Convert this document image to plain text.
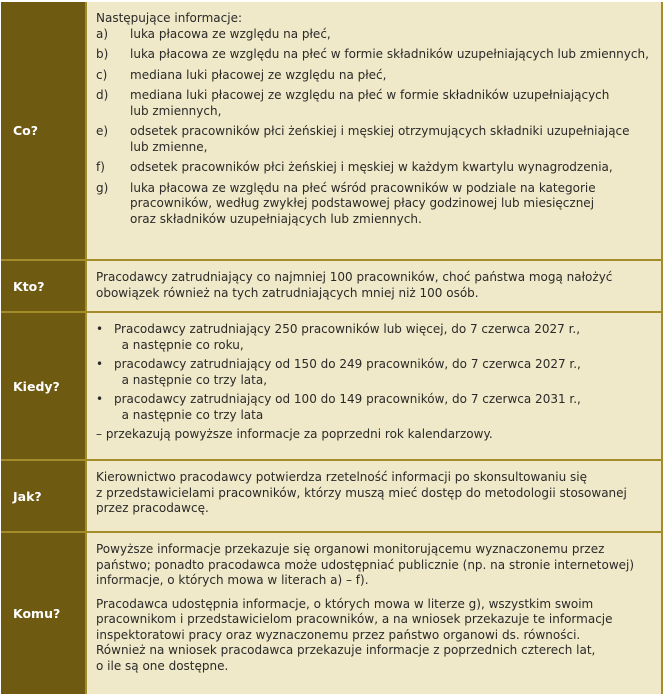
Co?

Następujące informacje:

a)	luka płacowa ze względu na płeć,
b)	luka płacowa ze względu na płeć w formie składników uzupełniających lub zmiennych,
c)	mediana luki płacowej ze względu na płeć,
d)	mediana luki płacowej ze względu na płeć w formie składników uzupełniających
lub zmiennych,
e)	odsetek pracowników płci żeńskiej i męskiej otrzymujących składniki uzupełniające
lub zmienne,
f)	odsetek pracowników płci żeńskiej i męskiej w każdym kwartylu wynagrodzenia,
g)	luka płacowa ze względu na płeć wśród pracowników w podziale na kategorie
pracowników, według zwykłej podstawowej płacy godzinowej lub miesięcznej
oraz składników uzupełniających lub zmiennych.
Kto?

Pracodawcy zatrudniający co najmniej 100 pracowników, choć państwa mogą nałożyć

obowiązek również na tych zatrudniających mniej niż 100 osób.

Kiedy?
• Pracodawcy zatrudniający 250 pracowników lub więcej, do 7 czerwca 2027 r.,
a następnie co roku,
• pracodawcy zatrudniający od 150 do 249 pracowników, do 7 czerwca 2027 r.,
a następnie co trzy lata,
• pracodawcy zatrudniający od 100 do 149 pracowników, do 7 czerwca 2031 r.,
a następnie co trzy lata

– przekazują powyższe informacje za poprzedni rok kalendarzowy.

Jak?

Kierownictwo pracodawcy potwierdza rzetelność informacji po skonsultowaniu się

z przedstawicielami pracowników, którzy muszą mieć dostęp do metodologii stosowanej

przez pracodawcę.

Komu?

Powyższe informacje przekazuje się organowi monitorującemu wyznaczonemu przez

państwo; ponadto pracodawca może udostępniać publicznie (np. na stronie internetowej)

informacje, o których mowa w literach a) – f).

Pracodawca udostępnia informacje, o których mowa w literze g), wszystkim swoim

pracownikom i przedstawicielom pracowników, a na wniosek przekazuje te informacje

inspektoratowi pracy oraz wyznaczonemu przez państwo organowi ds. równości.

Również na wniosek pracodawca przekazuje informacje z poprzednich czterech lat,

o ile są one dostępne.
